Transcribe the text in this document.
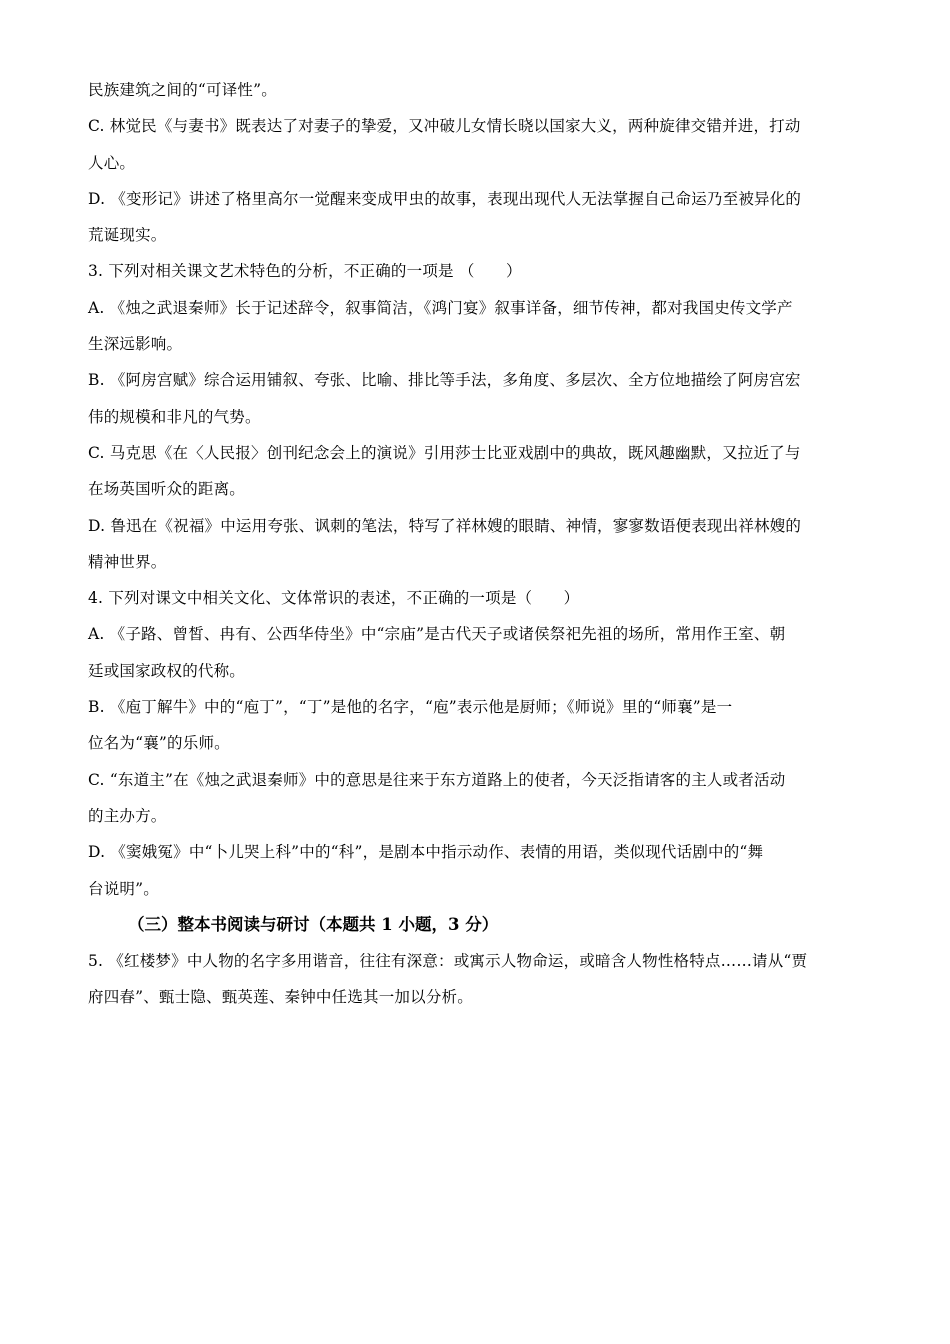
民族建筑之间的“可译性”。
C. 林觉民《与妻书》既表达了对妻子的挚爱，又冲破儿女情长晓以国家大义，两种旋律交错并进，打动
人心。
D. 《变形记》讲述了格里高尔一觉醒来变成甲虫的故事，表现出现代人无法掌握自己命运乃至被异化的
荒诞现实。
3. 下列对相关课文艺术特色的分析，不正确的一项是 （　　）
A. 《烛之武退秦师》长于记述辞令，叙事简洁，《鸿门宴》叙事详备，细节传神，都对我国史传文学产
生深远影响。
B. 《阿房宫赋》综合运用铺叙、夸张、比喻、排比等手法，多角度、多层次、全方位地描绘了阿房宫宏
伟的规模和非凡的气势。
C. 马克思《在〈人民报〉创刊纪念会上的演说》引用莎士比亚戏剧中的典故，既风趣幽默，又拉近了与
在场英国听众的距离。
D. 鲁迅在《祝福》中运用夸张、讽刺的笔法，特写了祥林嫂的眼睛、神情，寥寥数语便表现出祥林嫂的
精神世界。
4. 下列对课文中相关文化、文体常识的表述，不正确的一项是（　　）
A. 《子路、曾皙、冉有、公西华侍坐》中“宗庙”是古代天子或诸侯祭祀先祖的场所，常用作王室、朝
廷或国家政权的代称。
B. 《庖丁解牛》中的“庖丁”，“丁”是他的名字，“庖”表示他是厨师；《师说》里的“师襄”是一
位名为“襄”的乐师。
C. “东道主”在《烛之武退秦师》中的意思是往来于东方道路上的使者，今天泛指请客的主人或者活动
的主办方。
D. 《窦娥冤》中“卜儿哭上科”中的“科”，是剧本中指示动作、表情的用语，类似现代话剧中的“舞
台说明”。
（三）整本书阅读与研讨（本题共 1 小题，3 分）
5. 《红楼梦》中人物的名字多用谐音，往往有深意：或寓示人物命运，或暗含人物性格特点……请从“贾
府四春”、甄士隐、甄英莲、秦钟中任选其一加以分析。
